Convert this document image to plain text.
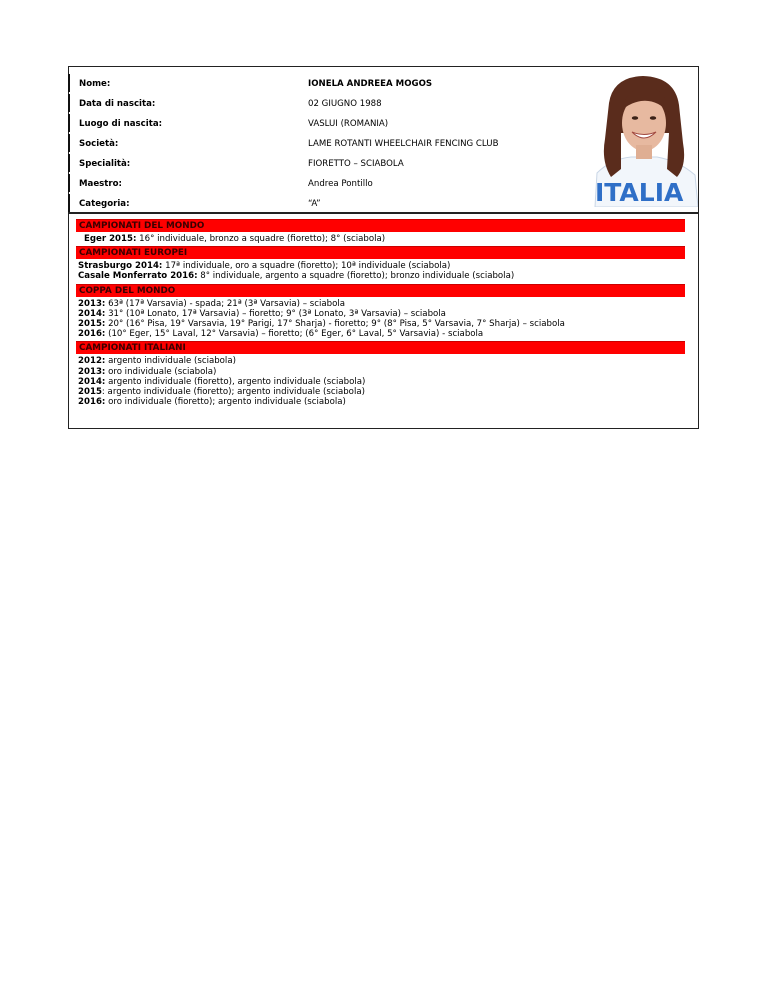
Nome:	IONELA ANDREEA MOGOS
Data di nascita:	02 GIUGNO 1988
Luogo di nascita:	VASLUI (ROMANIA)
Società:	LAME ROTANTI WHEELCHAIR FENCING CLUB
Specialità:	FIORETTO – SCIABOLA
Maestro:	Andrea Pontillo
Categoria:	“A”	ITALIA
CAMPIONATI DEL MONDO
Eger 2015: 16° individuale, bronzo a squadre (fioretto); 8° (sciabola)
CAMPIONATI EUROPEI
Strasburgo 2014: 17ª individuale, oro a squadre (fioretto); 10ª individuale (sciabola)
Casale Monferrato 2016: 8° individuale, argento a squadre (fioretto); bronzo individuale (sciabola)
COPPA DEL MONDO
2013: 63ª (17ª Varsavia) - spada; 21ª (3ª Varsavia) – sciabola
2014: 31° (10ª Lonato, 17ª Varsavia) – fioretto; 9° (3ª Lonato, 3ª Varsavia) – sciabola
2015: 20° (16° Pisa, 19° Varsavia, 19° Parigi, 17° Sharja) - fioretto; 9° (8° Pisa, 5° Varsavia, 7° Sharja) – sciabola
2016: (10° Eger, 15° Laval, 12° Varsavia) – fioretto; (6° Eger, 6° Laval, 5° Varsavia) - sciabola
CAMPIONATI ITALIANI
2012: argento individuale (sciabola)
2013: oro individuale (sciabola)
2014: argento individuale (fioretto), argento individuale (sciabola)
2015: argento individuale (fioretto); argento individuale (sciabola)
2016: oro individuale (fioretto); argento individuale (sciabola)
